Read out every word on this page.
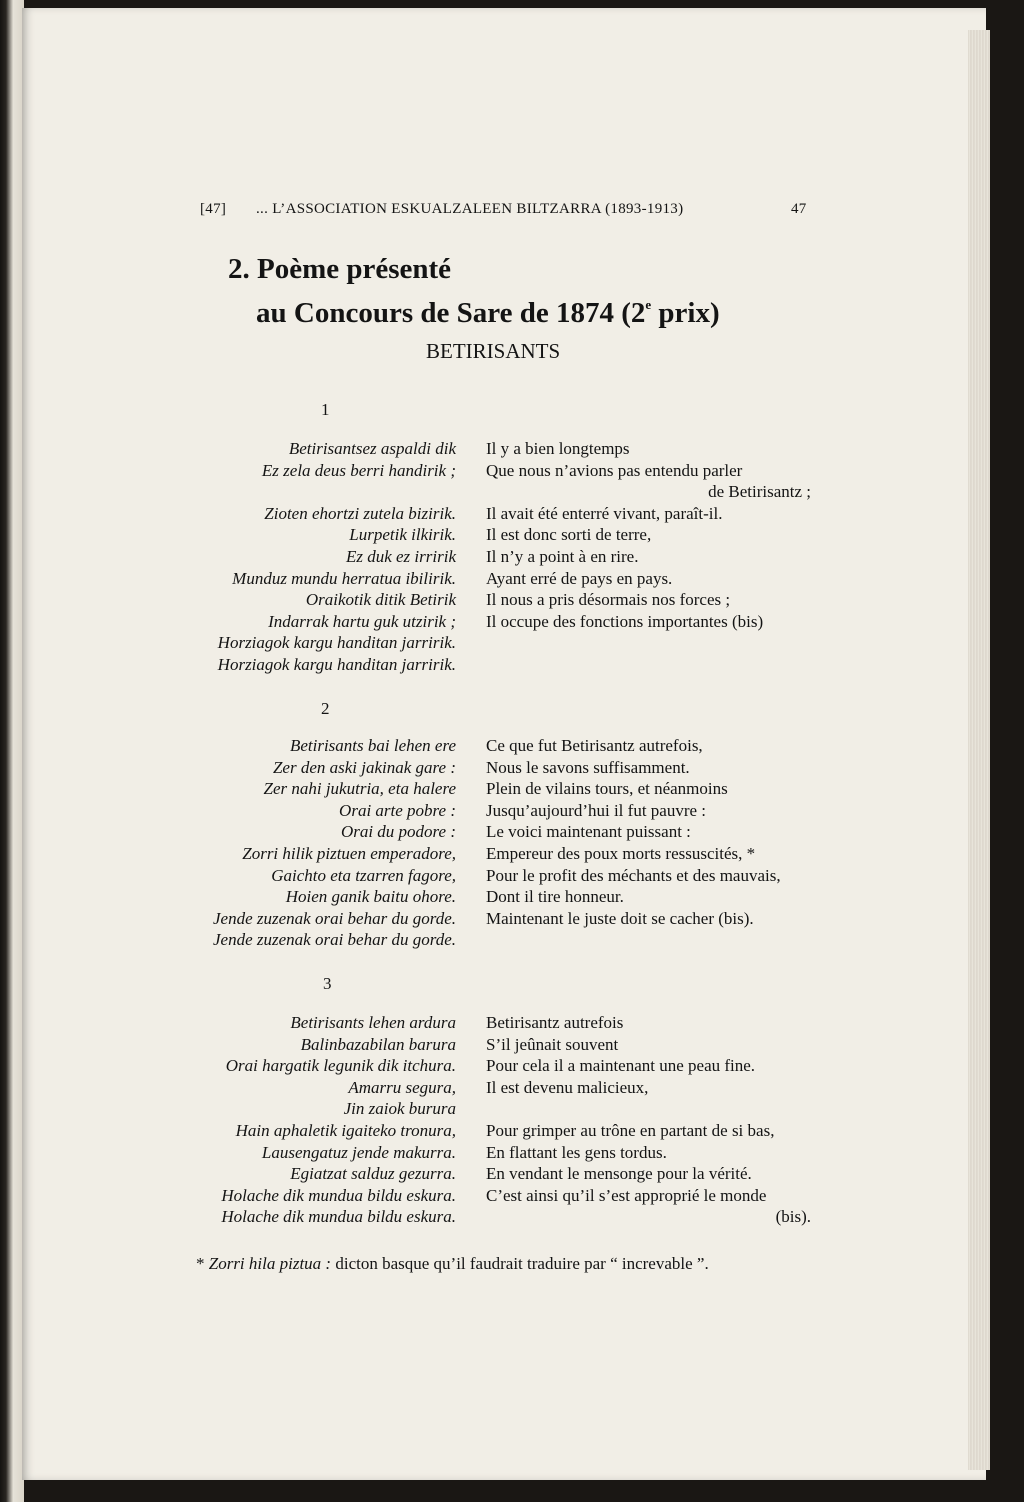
[47] ... L’ASSOCIATION ESKUALZALEEN BILTZARRA (1893-1913)	47
2. Poème présenté
au Concours de Sare de 1874 (2e prix)
BETIRISANTS
1
Betirisantsez aspaldi dik
Ez zela deus berri handirik ;

Zioten ehortzi zutela bizirik.
Lurpetik ilkirik.
Ez duk ez irririk
Munduz mundu herratua ibilirik.
Oraikotik ditik Betirik
Indarrak hartu guk utzirik ;
Horziagok kargu handitan jarririk.
Horziagok kargu handitan jarririk.
Il y a bien longtemps
Que nous n’avions pas entendu parler
de Betirisantz ;
Il avait été enterré vivant, paraît-il.
Il est donc sorti de terre,
Il n’y a point à en rire.
Ayant erré de pays en pays.
Il nous a pris désormais nos forces ;
Il occupe des fonctions importantes (bis)
2
Betirisants bai lehen ere
Zer den aski jakinak gare :
Zer nahi jukutria, eta halere
Orai arte pobre :
Orai du podore :
Zorri hilik piztuen emperadore,
Gaichto eta tzarren fagore,
Hoien ganik baitu ohore.
Jende zuzenak orai behar du gorde.
Jende zuzenak orai behar du gorde.
Ce que fut Betirisantz autrefois,
Nous le savons suffisamment.
Plein de vilains tours, et néanmoins
Jusqu’aujourd’hui il fut pauvre :
Le voici maintenant puissant :
Empereur des poux morts ressuscités, *
Pour le profit des méchants et des mauvais,
Dont il tire honneur.
Maintenant le juste doit se cacher (bis).
3
Betirisants lehen ardura
Balinbazabilan barura
Orai hargatik legunik dik itchura.
Amarru segura,
Jin zaiok burura
Hain aphaletik igaiteko tronura,
Lausengatuz jende makurra.
Egiatzat salduz gezurra.
Holache dik mundua bildu eskura.
Holache dik mundua bildu eskura.
Betirisantz autrefois
S’il jeûnait souvent
Pour cela il a maintenant une peau fine.
Il est devenu malicieux,

Pour grimper au trône en partant de si bas,
En flattant les gens tordus.
En vendant le mensonge pour la vérité.
C’est ainsi qu’il s’est approprié le monde
(bis).
* Zorri hila piztua : dicton basque qu’il faudrait traduire par “ increvable ”.
